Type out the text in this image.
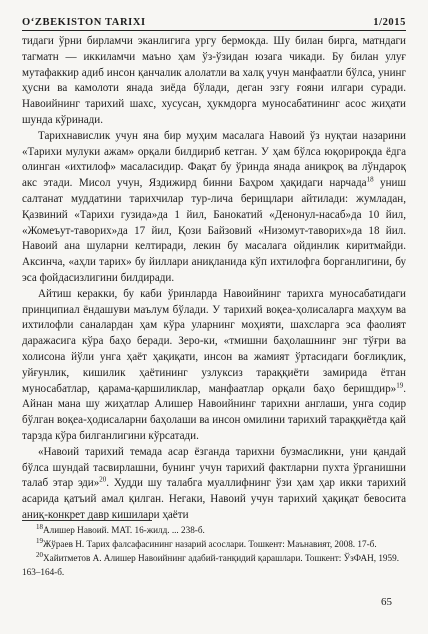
O‘ZBEKISTON TARIXI	1/2015

тидаги ўрни бирламчи эканлигига ургу бермокда. Шу билан бирга, матндаги тагматн — иккиламчи маъно ҳам ўз-ўзидан юзага чикади. Бу билан улуғ мутафаккир адиб инсон қанчалик алолатли ва халқ учун манфаатли бўлса, унинг ҳусни ва камолоти янада зиёда бўлади, деган эзгу ғояни илгари суради. Навоийнинг тарихий шахс, хусусан, ҳукмдорга муносабатининг асос жиҳати шунда кўринади.

Тарихнавислик учун яна бир муҳим масалага Навоий ўз нуқтаи назарини «Тарихи мулуки ажам» орқали билдириб кетган. У ҳам бўлса юқорироқда ёдга олинган «ихтилоф» масаласидир. Фақат бу ўринда янада аниқроқ ва лўндароқ акс этади. Мисол учун, Яздижирд бинни Баҳром ҳақидаги нарчада$^{18}$ униш салтанат муддатини тарихчилар тур-лича берищлари айтилади: жумладан, Қазвиний «Тарихи гузида»да 1 йил, Банокатий «Денонул-насаб»да 10 йил, «Жомеъут-таворих»да 17 йил, Қози Байзовий «Низомут-таворих»да 18 йил. Навоий ана шуларни келтиради, лекин бу масалага ойдинлик киритмайди. Аксинча, «аҳли тарих» бу йиллари аниқланида кўп ихтилофга борганлигини, бу эса фойдасизлигини билдиради.

Айтиш керакки, бу каби ўринларда Навоийнинг тарихга муносабатидаги принципиал ёндашуви маълум бўлади. У тарихий воқеа-ҳолисаларга маҳхум ва ихтилофли саналардан ҳам кўра уларнинг моҳияти, шахсларга эса фаолият даражасига кўра баҳо беради. Зеро-ки, «тмишни баҳолашнинг энг тўғри ва холисона йўли унга ҳаёт ҳақиқати, инсон ва жамият ўртасидаги боғлиқлик, уйғунлик, кишилик ҳаётининг узлуксиз тараққиёти замирида ётган муносабатлар, қарама-қаршиликлар, манфаатлар орқали баҳо беришдир»$^{19}$. Айнан мана шу жиҳатлар Алишер Навоийнинг тарихни англаши, унга содир бўлган воқеа-ҳодисаларни баҳолаши ва инсон омилини тарихий тараққиётда қай тарзда кўра билганлигини кўрсатади.

«Навоий тарихий темада асар ёзганда тарихни бузмасликни, уни қандай бўлса шундай тасвирлашни, бунинг учун тарихий фактларни пухта ўрганишни талаб этар эди»$^{20}$. Худди шу талабга муаллифнинг ўзи ҳам ҳар икки тарихий асарида қатъий амал қилган. Негаки, Навоий учун тарихий ҳақиқат бевосита аниқ-конкрет давр кишилари ҳаёти

$^{18}$Алишер Навоий. МАТ. 16-жилд. ... 238-б.

$^{19}$Жўраев Н. Тарих фалсафасининг назарий асослари. Тошкент: Маънавият, 2008. 17-б.

$^{20}$Хайитметов А. Алишер Навоийнинг адабий-танқидий қарашлари. Тошкент: ЎзФАН, 1959. 163–164-б.

65
